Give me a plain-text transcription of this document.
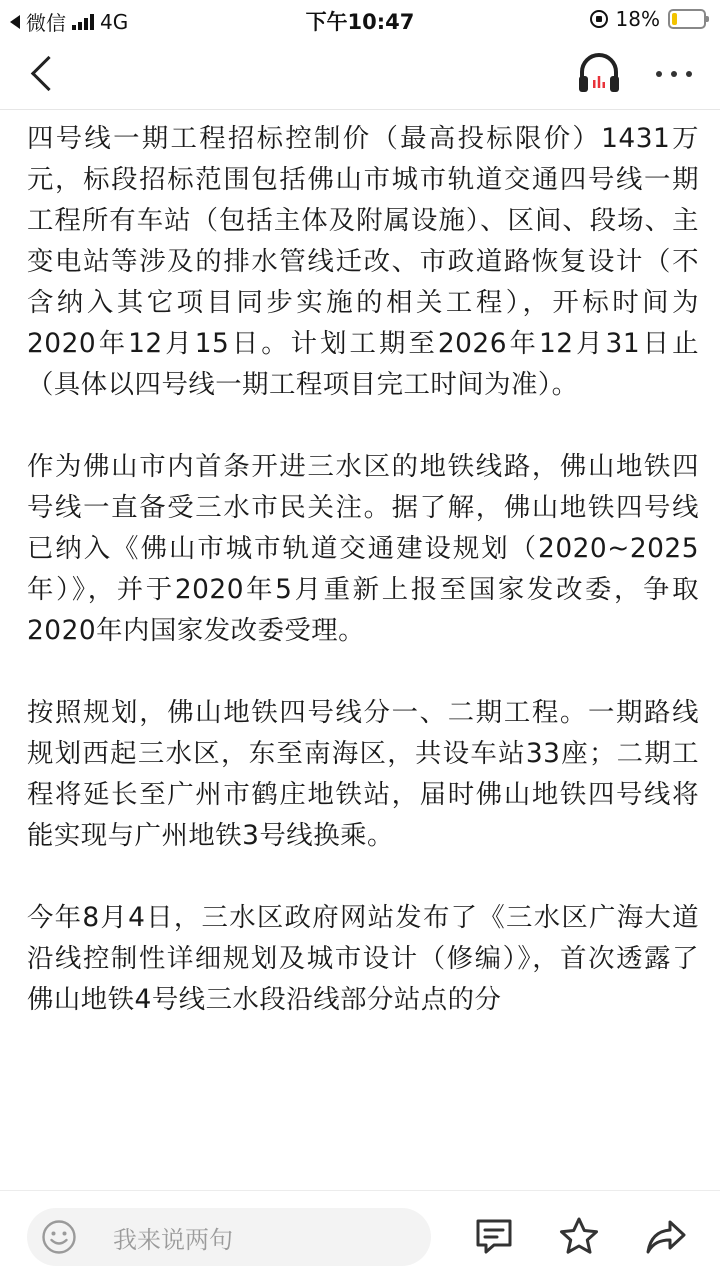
微信 4G	下午10:47	18%

四号线一期工程招标控制价（最高投标限价）1431万元，标段招标范围包括佛山市城市轨道交通四号线一期工程所有车站（包括主体及附属设施）、区间、段场、主变电站等涉及的排水管线迁改、市政道路恢复设计（不含纳入其它项目同步实施的相关工程），开标时间为2020年12月15日。计划工期至2026年12月31日止（具体以四号线一期工程项目完工时间为准）。

作为佛山市内首条开进三水区的地铁线路，佛山地铁四号线一直备受三水市民关注。据了解，佛山地铁四号线已纳入《佛山市城市轨道交通建设规划（2020~2025年）》，并于2020年5月重新上报至国家发改委，争取2020年内国家发改委受理。

按照规划，佛山地铁四号线分一、二期工程。一期路线规划西起三水区，东至南海区，共设车站33座；二期工程将延长至广州市鹤庄地铁站，届时佛山地铁四号线将能实现与广州地铁3号线换乘。

今年8月4日，三水区政府网站发布了《三水区广海大道沿线控制性详细规划及城市设计（修编）》，首次透露了佛山地铁4号线三水段沿线部分站点的分

我来说两句
